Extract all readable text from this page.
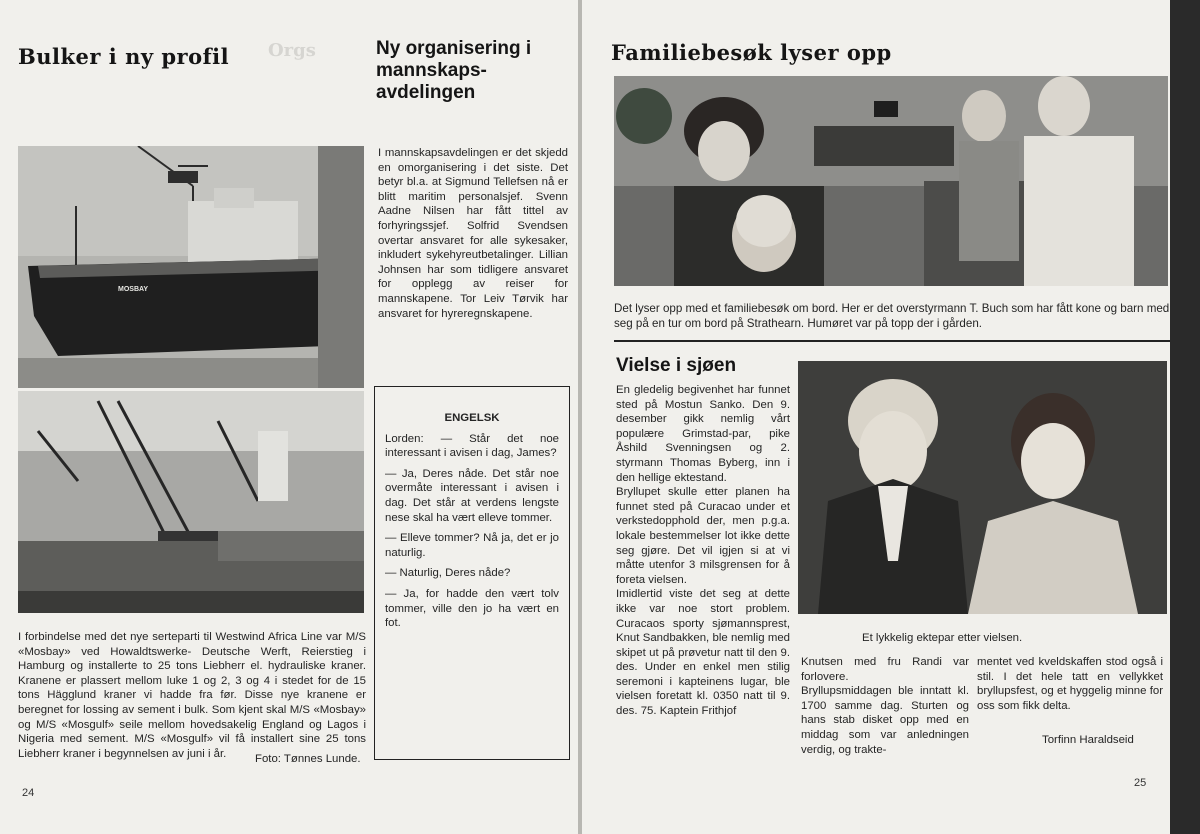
Bulker i ny profil Orgs
MOSBAY
I forbindelse med det nye serteparti til Westwind Africa Line var M/S «Mosbay» ved Howaldtswerke- Deutsche Werft, Reierstieg i Hamburg og installerte to 25 tons Liebherr el. hydrauliske kraner. Kranene er plassert mellom luke 1 og 2, 3 og 4 i stedet for de 15 tons Hägglund kraner vi hadde fra før. Disse nye kranene er beregnet for lossing av sement i bulk. Som kjent skal M/S «Mosbay» og M/S «Mosgulf» seile mellom hovedsakelig England og Lagos i Nigeria med sement. M/S «Mosgulf» vil få installert sine 25 tons Liebherr kraner i begynnelsen av juni i år.	Foto: Tønnes Lunde.
24
Ny organisering i mannskaps-avdelingen
I mannskapsavdelingen er det skjedd en omorganisering i det siste. Det betyr bl.a. at Sigmund Tellefsen nå er blitt maritim personalsjef. Svenn Aadne Nilsen har fått tittel av forhyringssjef. Solfrid Svendsen overtar ansvaret for alle sykesaker, inkludert sykehyreutbetalinger. Lillian Johnsen har som tidligere ansvaret for opplegg av reiser for mannskapene. Tor Leiv Tørvik har ansvaret for hyreregnskapene.

ENGELSK

Lorden: — Står det noe interessant i avisen i dag, James?

— Ja, Deres nåde. Det står noe overmåte interessant i avisen i dag. Det står at verdens lengste nese skal ha vært elleve tommer.

— Elleve tommer? Nå ja, det er jo naturlig.

— Naturlig, Deres nåde?

— Ja, for hadde den vært tolv tommer, ville den jo ha vært en fot.

Familiebesøk lyser opp
Det lyser opp med et familiebesøk om bord. Her er det overstyrmann T. Buch som har fått kone og barn med seg på en tur om bord på Strathearn. Humøret var på topp der i gården.
Vielse i sjøen

En gledelig begivenhet har funnet sted på Mostun Sanko. Den 9. desember gikk nemlig vårt populære Grimstad-par, pike Åshild Svenningsen og 2. styrmann Thomas Byberg, inn i den hellige ektestand.

Bryllupet skulle etter planen ha funnet sted på Curacao under et verkstedopphold der, men p.g.a. lokale bestemmelser lot ikke dette seg gjøre. Det vil igjen si at vi måtte utenfor 3 milsgrensen for å foreta vielsen.

Imidlertid viste det seg at dette ikke var noe stort problem. Curacaos sporty sjømannsprest, Knut Sandbakken, ble nemlig med skipet ut på prøvetur natt til den 9. des. Under en enkel men stilig seremoni i kapteinens lugar, ble vielsen foretatt kl. 0350 natt til 9. des. 75. Kaptein Frithjof

Et lykkelig ektepar etter vielsen.

Knutsen med fru Randi var forlovere.

Bryllupsmiddagen ble inntatt kl. 1700 samme dag. Sturten og hans stab disket opp med en middag som var anledningen verdig, og trakte-

mentet ved kveldskaffen stod også i stil. I det hele tatt en vellykket bryllupsfest, og et hyggelig minne for oss som fikk delta.

Torfinn Haraldseid
25
